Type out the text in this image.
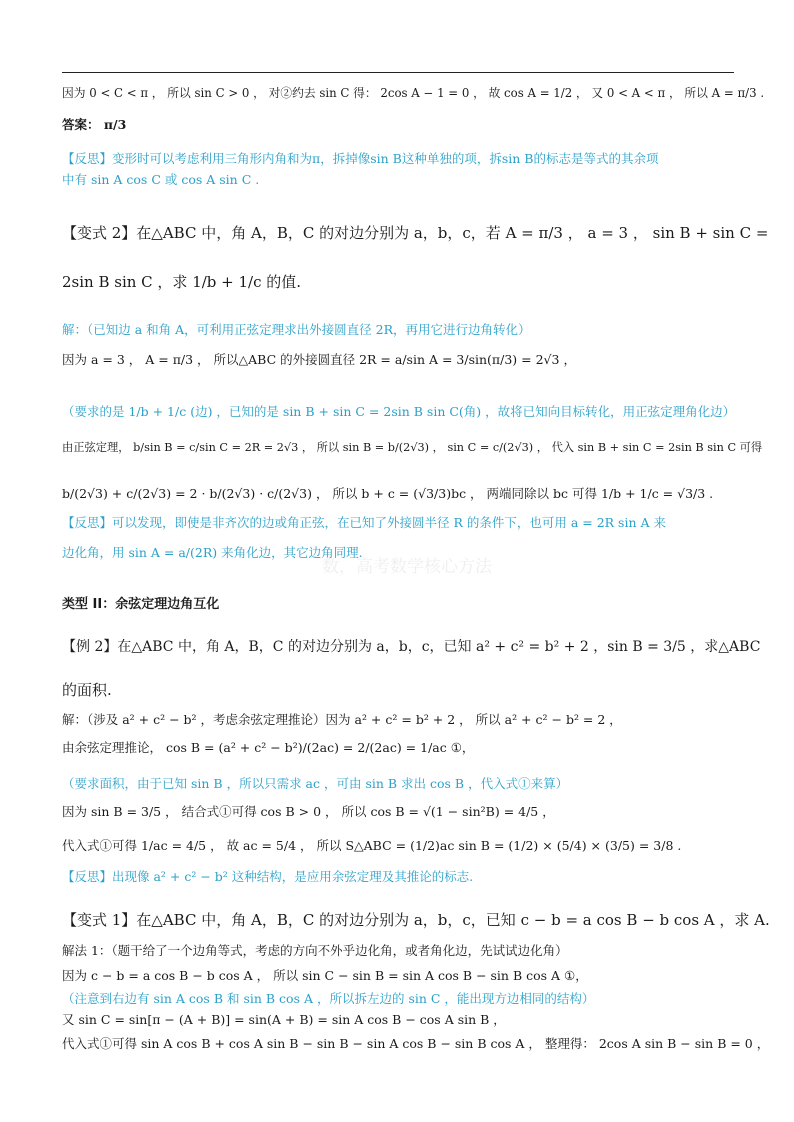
因为 0 < C < π ， 所以 sin C > 0 ， 对②约去 sin C 得： 2cos A − 1 = 0 ， 故 cos A = 1/2 ， 又 0 < A < π ， 所以 A = π/3 .
答案： π/3
【反思】变形时可以考虑利用三角形内角和为π，拆掉像sin B这种单独的项，拆sin B的标志是等式的其余项
中有 sin A cos C 或 cos A sin C .
【变式 2】在△ABC 中，角 A，B，C 的对边分别为 a，b，c，若 A = π/3 ， a = 3 ， sin B + sin C =
2sin B sin C ，求 1/b + 1/c 的值.
解：（已知边 a 和角 A，可利用正弦定理求出外接圆直径 2R，再用它进行边角转化）
因为 a = 3 ， A = π/3 ， 所以△ABC 的外接圆直径 2R = a/sin A = 3/sin(π/3) = 2√3 ，
（要求的是 1/b + 1/c (边) ，已知的是 sin B + sin C = 2sin B sin C(角) ，故将已知向目标转化，用正弦定理角化边）
由正弦定理， b/sin B = c/sin C = 2R = 2√3 ， 所以 sin B = b/(2√3) ， sin C = c/(2√3) ， 代入 sin B + sin C = 2sin B sin C 可得
b/(2√3) + c/(2√3) = 2 · b/(2√3) · c/(2√3) ， 所以 b + c = (√3/3)bc ， 两端同除以 bc 可得 1/b + 1/c = √3/3 .
【反思】可以发现，即使是非齐次的边或角正弦，在已知了外接圆半径 R 的条件下，也可用 a = 2R sin A 来
边化角，用 sin A = a/(2R) 来角化边，其它边角同理.
数，高考数学核心方法
类型 II：余弦定理边角互化
【例 2】在△ABC 中，角 A，B，C 的对边分别为 a，b，c，已知 a² + c² = b² + 2 ，sin B = 3/5 ，求△ABC
的面积.
解：（涉及 a² + c² − b² ，考虑余弦定理推论）因为 a² + c² = b² + 2 ， 所以 a² + c² − b² = 2 ，
由余弦定理推论， cos B = (a² + c² − b²)/(2ac) = 2/(2ac) = 1/ac ①，
（要求面积，由于已知 sin B ，所以只需求 ac ，可由 sin B 求出 cos B ，代入式①来算）
因为 sin B = 3/5 ， 结合式①可得 cos B > 0 ， 所以 cos B = √(1 − sin²B) = 4/5 ，
代入式①可得 1/ac = 4/5 ， 故 ac = 5/4 ， 所以 S△ABC = (1/2)ac sin B = (1/2) × (5/4) × (3/5) = 3/8 .
【反思】出现像 a² + c² − b² 这种结构，是应用余弦定理及其推论的标志.
【变式 1】在△ABC 中，角 A，B，C 的对边分别为 a，b，c，已知 c − b = a cos B − b cos A ，求 A.
解法 1：（题干给了一个边角等式，考虑的方向不外乎边化角，或者角化边，先试试边化角）
因为 c − b = a cos B − b cos A ， 所以 sin C − sin B = sin A cos B − sin B cos A ①，
（注意到右边有 sin A cos B 和 sin B cos A ，所以拆左边的 sin C ，能出现方边相同的结构）
又 sin C = sin[π − (A + B)] = sin(A + B) = sin A cos B − cos A sin B ，
代入式①可得 sin A cos B + cos A sin B − sin B − sin A cos B − sin B cos A ， 整理得： 2cos A sin B − sin B = 0 ，
